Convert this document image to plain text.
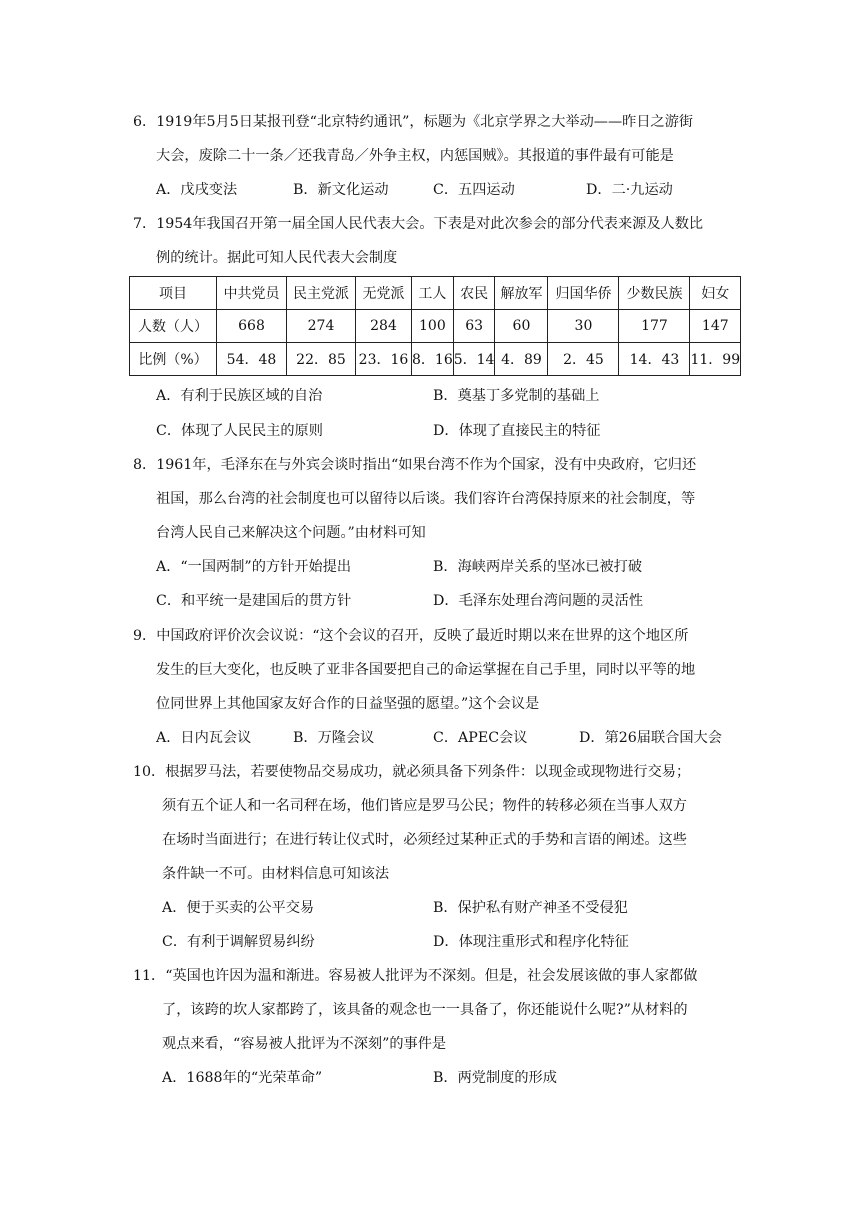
6．1919年5月5日某报刊登“北京特约通讯”，标题为《北京学界之大举动——昨日之游街
大会，废除二十一条／还我青岛／外争主权，内惩国贼》。其报道的事件最有可能是
A．戊戌变法	B．新文化运动	C．五四运动	D．二·九运动
7．1954年我国召开第一届全国人民代表大会。下表是对此次参会的部分代表来源及人数比
例的统计。据此可知人民代表大会制度
项目	中共党员	民主党派	无党派	工人	农民	解放军	归国华侨	少数民族	妇女
人数（人）	668	274	284	100	63	60	30	177	147
比例（%）	54．48	22．85	23．16	8．16	5．14	4．89	2．45	14．43	11．99
A．有利于民族区域的自治	B．奠基丁多党制的基础上
C．体现了人民民主的原则	D．体现了直接民主的特征
8．1961年，毛泽东在与外宾会谈时指出“如果台湾不作为个国家，没有中央政府，它归还
祖国，那么台湾的社会制度也可以留待以后谈。我们容许台湾保持原来的社会制度，等
台湾人民自己来解决这个问题。”由材料可知
A．“一国两制”的方针开始提出	B．海峡两岸关系的坚冰已被打破
C．和平统一是建国后的贯方针	D．毛泽东处理台湾问题的灵活性
9．中国政府评价次会议说：“这个会议的召开，反映了最近时期以来在世界的这个地区所
发生的巨大变化，也反映了亚非各国要把自己的命运掌握在自己手里，同时以平等的地
位同世界上其他国家友好合作的日益坚强的愿望。”这个会议是
A．日内瓦会议	B．万隆会议	C．APEC会议	D．第26届联合国大会
10．根据罗马法，若要使物品交易成功，就必须具备下列条件：以现金或现物进行交易；
须有五个证人和一名司秤在场，他们皆应是罗马公民；物件的转移必须在当事人双方
在场时当面进行；在进行转让仪式时，必须经过某种正式的手势和言语的阐述。这些
条件缺一不可。由材料信息可知该法
A．便于买卖的公平交易	B．保护私有财产神圣不受侵犯
C．有利于调解贸易纠纷	D．体现注重形式和程序化特征
11．“英国也许因为温和渐进。容易被人批评为不深刻。但是，社会发展该做的事人家都做
了，该跨的坎人家都跨了，该具备的观念也一一具备了，你还能说什么呢?”从材料的
观点来看，“容易被人批评为不深刻”的事件是
A．1688年的“光荣革命”	B．两党制度的形成
